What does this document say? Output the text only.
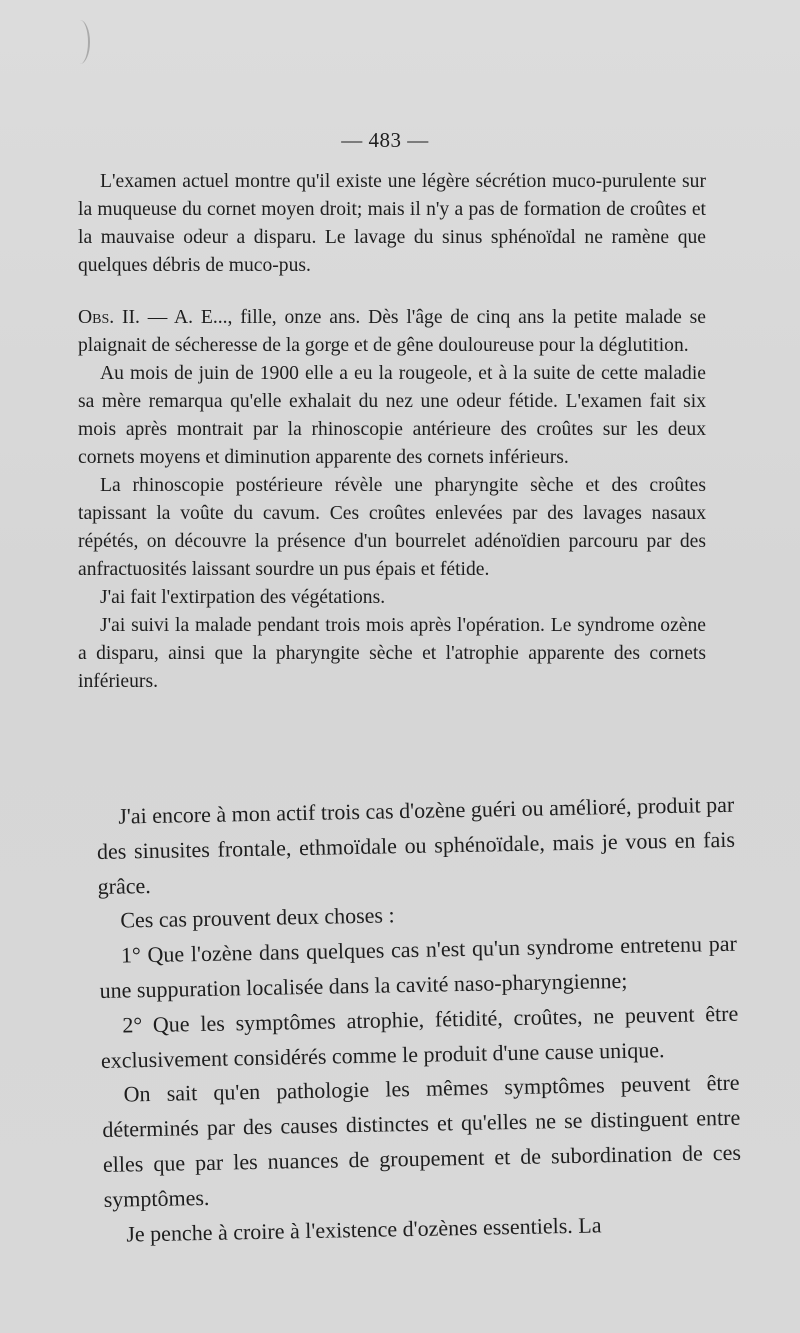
— 483 —

L'examen actuel montre qu'il existe une légère sécrétion muco-purulente sur la muqueuse du cornet moyen droit; mais il n'y a pas de formation de croûtes et la mauvaise odeur a disparu. Le lavage du sinus sphénoïdal ne ramène que quelques débris de muco-pus.

Obs. II. — A. E..., fille, onze ans. Dès l'âge de cinq ans la petite malade se plaignait de sécheresse de la gorge et de gêne douloureuse pour la déglutition.

Au mois de juin de 1900 elle a eu la rougeole, et à la suite de cette maladie sa mère remarqua qu'elle exhalait du nez une odeur fétide. L'examen fait six mois après montrait par la rhinoscopie antérieure des croûtes sur les deux cornets moyens et diminution apparente des cornets inférieurs.

La rhinoscopie postérieure révèle une pharyngite sèche et des croûtes tapissant la voûte du cavum. Ces croûtes enlevées par des lavages nasaux répétés, on découvre la présence d'un bourrelet adénoïdien parcouru par des anfractuosités laissant sourdre un pus épais et fétide.

J'ai fait l'extirpation des végétations.

J'ai suivi la malade pendant trois mois après l'opération. Le syndrome ozène a disparu, ainsi que la pharyngite sèche et l'atrophie apparente des cornets inférieurs.

J'ai encore à mon actif trois cas d'ozène guéri ou amélioré, produit par des sinusites frontale, ethmoïdale ou sphénoïdale, mais je vous en fais grâce.

Ces cas prouvent deux choses :

1° Que l'ozène dans quelques cas n'est qu'un syndrome entretenu par une suppuration localisée dans la cavité naso-pharyngienne;

2° Que les symptômes atrophie, fétidité, croûtes, ne peuvent être exclusivement considérés comme le produit d'une cause unique.

On sait qu'en pathologie les mêmes symptômes peuvent être déterminés par des causes distinctes et qu'elles ne se distinguent entre elles que par les nuances de groupement et de subordination de ces symptômes.

Je penche à croire à l'existence d'ozènes essentiels. La
